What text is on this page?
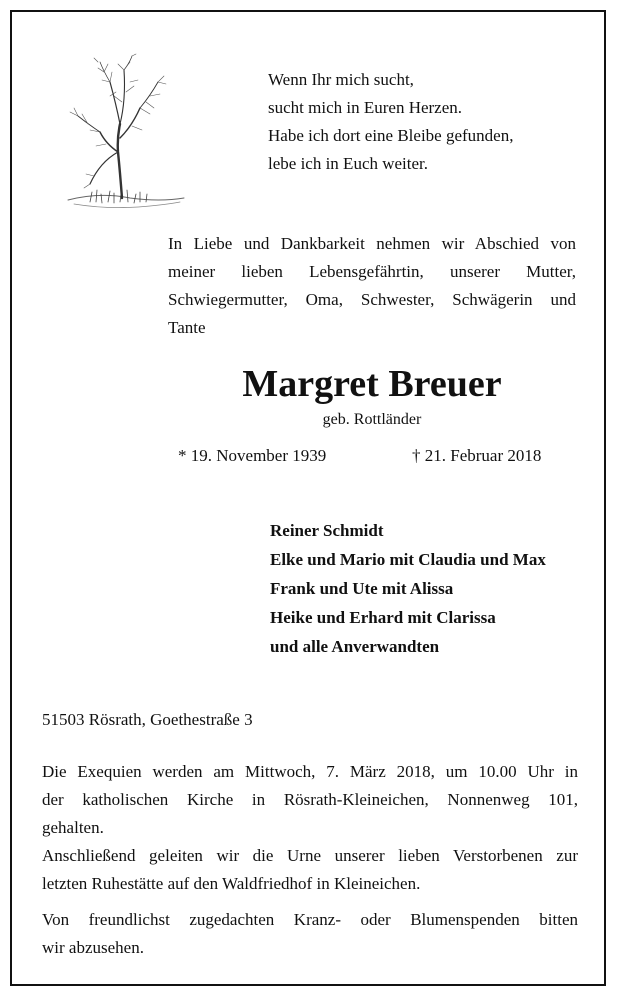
Wenn Ihr mich sucht,
sucht mich in Euren Herzen.
Habe ich dort eine Bleibe gefunden,
lebe ich in Euch weiter.
In Liebe und Dankbarkeit nehmen wir Abschied von
meiner lieben Lebensgefährtin, unserer Mutter,
Schwiegermutter, Oma, Schwester, Schwägerin und
Tante
Margret Breuer
geb. Rottländer
* 19. November 1939	† 21. Februar 2018
Reiner Schmidt
Elke und Mario mit Claudia und Max
Frank und Ute mit Alissa
Heike und Erhard mit Clarissa
und alle Anverwandten
51503 Rösrath, Goethestraße 3
Die Exequien werden am Mittwoch, 7. März 2018, um 10.00 Uhr in
der katholischen Kirche in Rösrath-Kleineichen, Nonnenweg 101,
gehalten.
Anschließend geleiten wir die Urne unserer lieben Verstorbenen zur
letzten Ruhestätte auf den Waldfriedhof in Kleineichen.
Von freundlichst zugedachten Kranz- oder Blumenspenden bitten
wir abzusehen.
